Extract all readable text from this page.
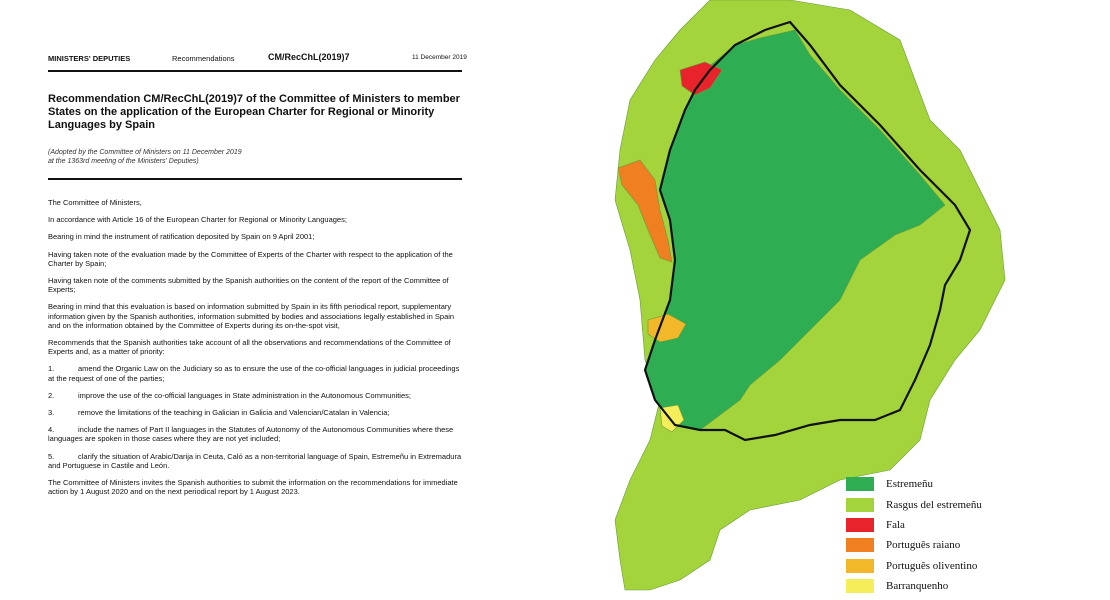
MINISTERS' DEPUTIES	Recommendations	CM/RecChL(2019)7	11 December 2019
Recommendation CM/RecChL(2019)7 of the Committee of Ministers to member States on the application of the European Charter for Regional or Minority Languages by Spain
(Adopted by the Committee of Ministers on 11 December 2019
at the 1363rd meeting of the Ministers' Deputies)

The Committee of Ministers,

In accordance with Article 16 of the European Charter for Regional or Minority Languages;

Bearing in mind the instrument of ratification deposited by Spain on 9 April 2001;

Having taken note of the evaluation made by the Committee of Experts of the Charter with respect to the application of the Charter by Spain;

Having taken note of the comments submitted by the Spanish authorities on the content of the report of the Committee of Experts;

Bearing in mind that this evaluation is based on information submitted by Spain in its fifth periodical report, supplementary information given by the Spanish authorities, information submitted by bodies and associations legally established in Spain and on the information obtained by the Committee of Experts during its on-the-spot visit,

Recommends that the Spanish authorities take account of all the observations and recommendations of the Committee of Experts and, as a matter of priority:

1.	amend the Organic Law on the Judiciary so as to ensure the use of the co-official languages in judicial proceedings at the request of one of the parties;

2.	improve the use of the co-official languages in State administration in the Autonomous Communities;

3.	remove the limitations of the teaching in Galician in Galicia and Valencian/Catalan in Valencia;

4.	include the names of Part II languages in the Statutes of Autonomy of the Autonomous Communities where these languages are spoken in those cases where they are not yet included;

5.	clarify the situation of Arabic/Darija in Ceuta, Caló as a non-territorial language of Spain, Estremeñu in Extremadura and Portuguese in Castile and León.

The Committee of Ministers invites the Spanish authorities to submit the information on the recommendations for immediate action by 1 August 2020 and on the next periodical report by 1 August 2023.

Estremeñu
Rasgus del estremeñu
Fala
Português raiano
Português oliventino
Barranquenho
